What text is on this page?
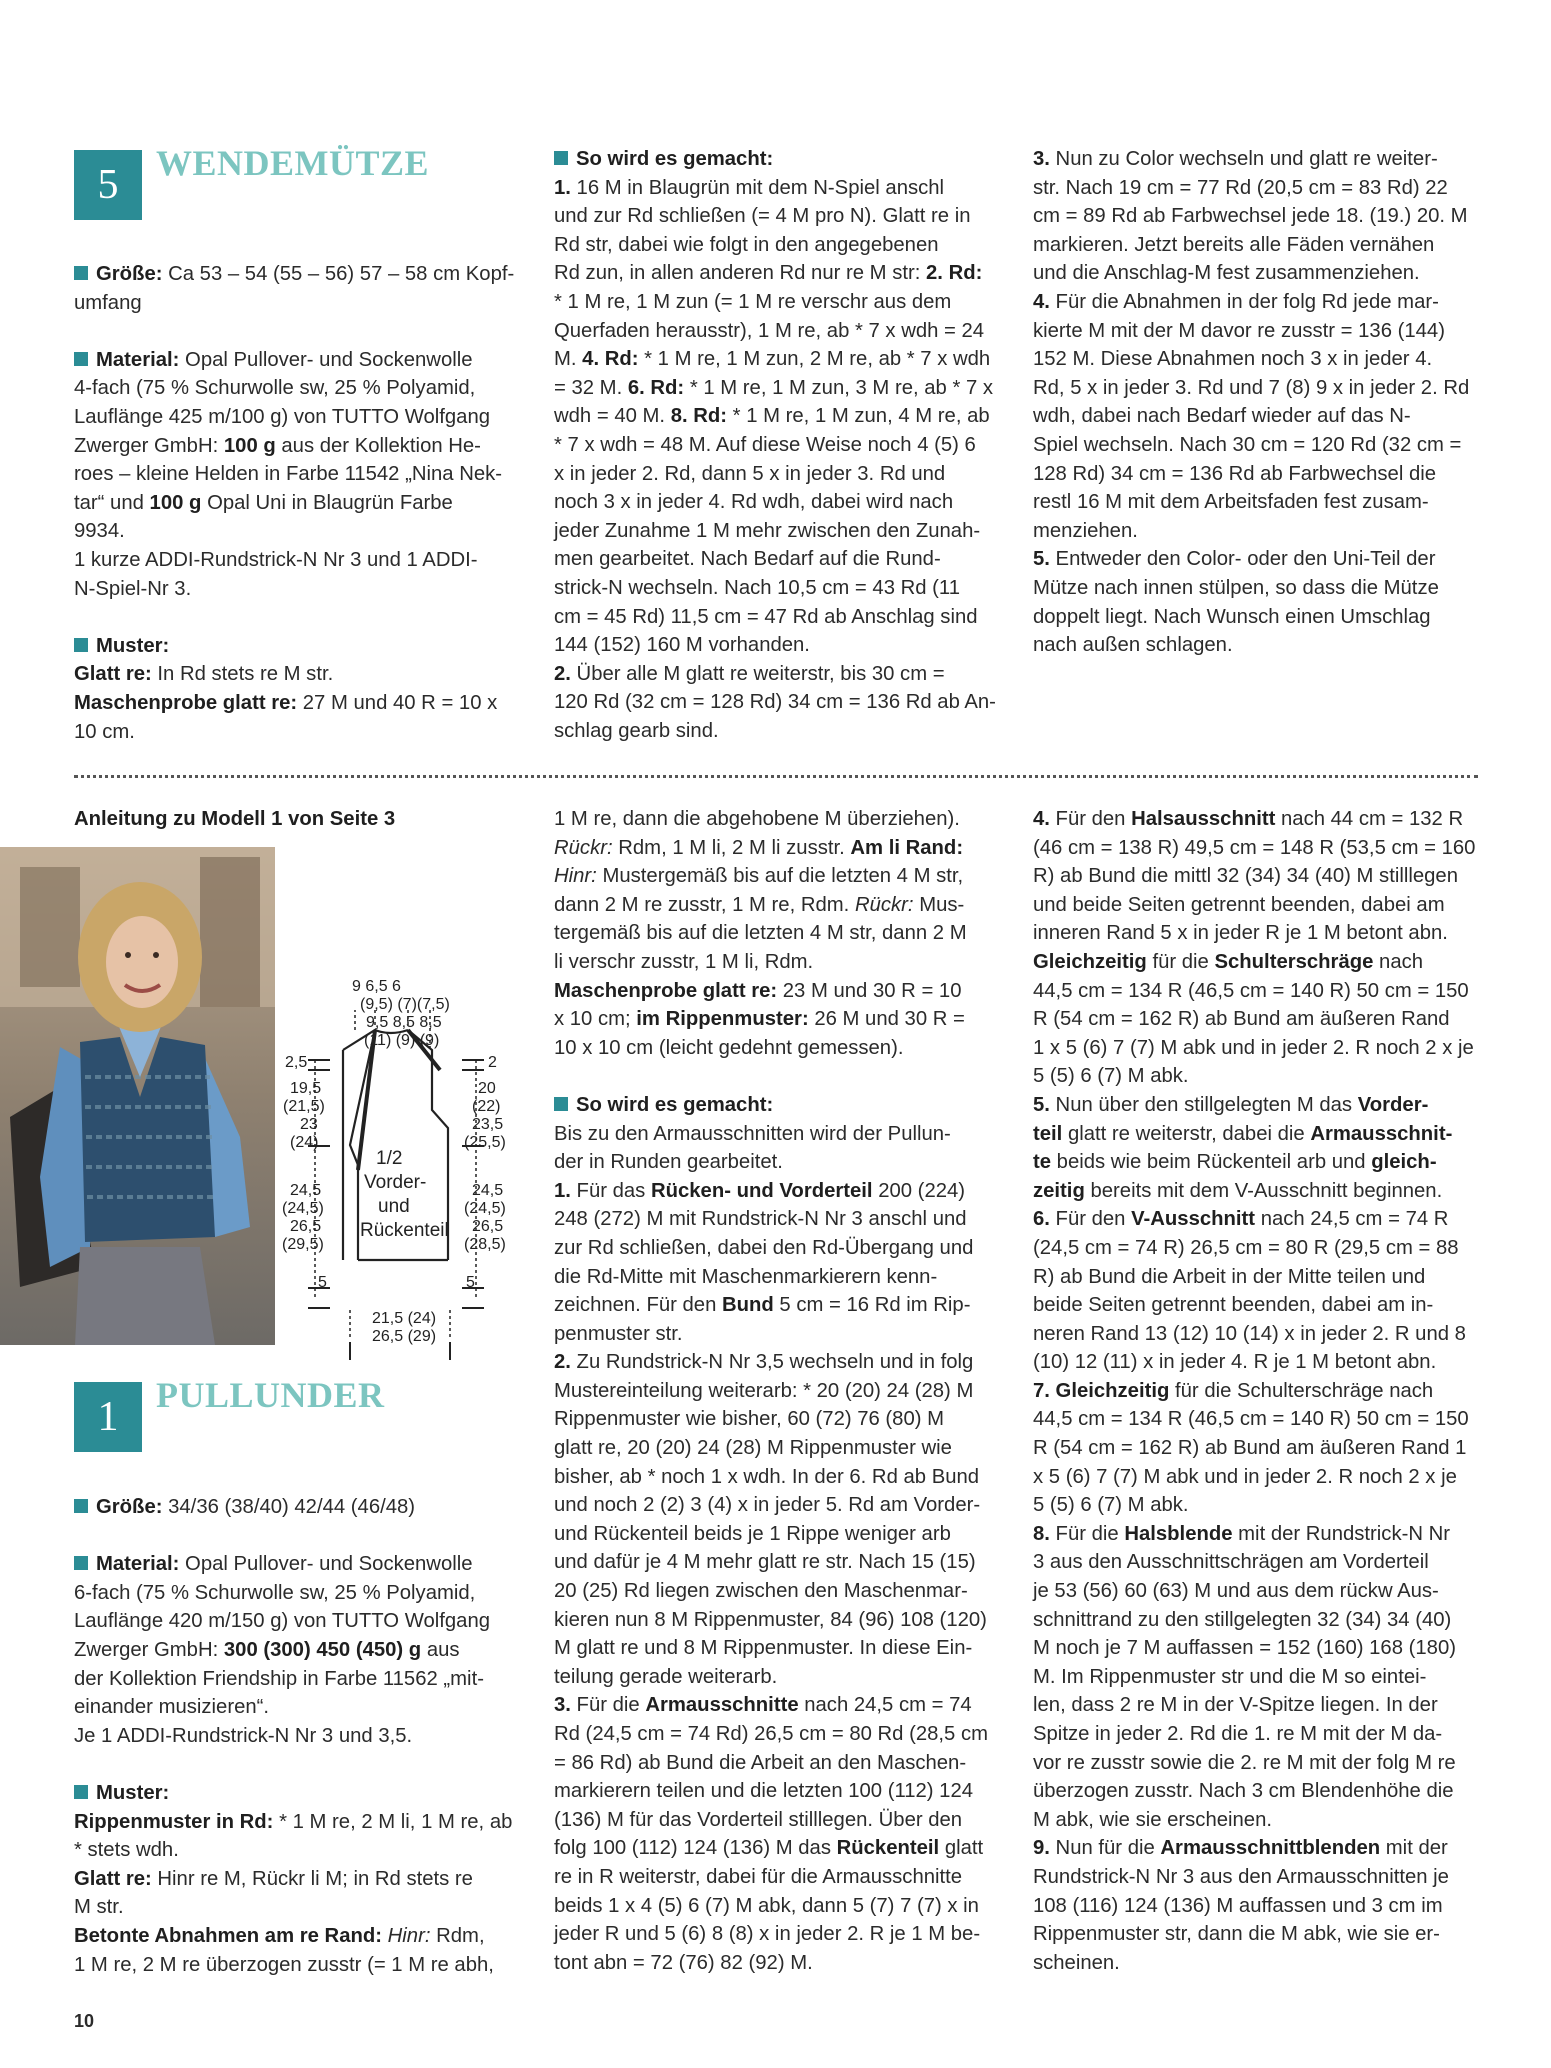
5	WENDEMÜTZE

Größe: Ca 53 – 54 (55 – 56) 57 – 58 cm Kopf-

umfang

Material: Opal Pullover- und Sockenwolle

4-fach (75 % Schurwolle sw, 25 % Polyamid,

Lauflänge 425 m/100 g) von TUTTO Wolfgang

Zwerger GmbH: 100 g aus der Kollektion He-

roes – kleine Helden in Farbe 11542 „Nina Nek-

tar“ und 100 g Opal Uni in Blaugrün Farbe

9934.

1 kurze ADDI-Rundstrick-N Nr 3 und 1 ADDI-

N-Spiel-Nr 3.

Muster:

Glatt re: In Rd stets re M str.

Maschenprobe glatt re: 27 M und 40 R = 10 x

10 cm.

So wird es gemacht:

1. 16 M in Blaugrün mit dem N-Spiel anschl

und zur Rd schließen (= 4 M pro N). Glatt re in

Rd str, dabei wie folgt in den angegebenen

Rd zun, in allen anderen Rd nur re M str: 2. Rd:

* 1 M re, 1 M zun (= 1 M re verschr aus dem

Querfaden herausstr), 1 M re, ab * 7 x wdh = 24

M. 4. Rd: * 1 M re, 1 M zun, 2 M re, ab * 7 x wdh

= 32 M. 6. Rd: * 1 M re, 1 M zun, 3 M re, ab * 7 x

wdh = 40 M. 8. Rd: * 1 M re, 1 M zun, 4 M re, ab

* 7 x wdh = 48 M. Auf diese Weise noch 4 (5) 6

x in jeder 2. Rd, dann 5 x in jeder 3. Rd und

noch 3 x in jeder 4. Rd wdh, dabei wird nach

jeder Zunahme 1 M mehr zwischen den Zunah-

men gearbeitet. Nach Bedarf auf die Rund-

strick-N wechseln. Nach 10,5 cm = 43 Rd (11

cm = 45 Rd) 11,5 cm = 47 Rd ab Anschlag sind

144 (152) 160 M vorhanden.

2. Über alle M glatt re weiterstr, bis 30 cm =

120 Rd (32 cm = 128 Rd) 34 cm = 136 Rd ab An-

schlag gearb sind.

3. Nun zu Color wechseln und glatt re weiter-

str. Nach 19 cm = 77 Rd (20,5 cm = 83 Rd) 22

cm = 89 Rd ab Farbwechsel jede 18. (19.) 20. M

markieren. Jetzt bereits alle Fäden vernähen

und die Anschlag-M fest zusammenziehen.

4. Für die Abnahmen in der folg Rd jede mar-

kierte M mit der M davor re zusstr = 136 (144)

152 M. Diese Abnahmen noch 3 x in jeder 4.

Rd, 5 x in jeder 3. Rd und 7 (8) 9 x in jeder 2. Rd

wdh, dabei nach Bedarf wieder auf das N-

Spiel wechseln. Nach 30 cm = 120 Rd (32 cm =

128 Rd) 34 cm = 136 Rd ab Farbwechsel die

restl 16 M mit dem Arbeitsfaden fest zusam-

menziehen.

5. Entweder den Color- oder den Uni-Teil der

Mütze nach innen stülpen, so dass die Mütze

doppelt liegt. Nach Wunsch einen Umschlag

nach außen schlagen.

Anleitung zu Modell 1 von Seite 3

9 6,5 6
(9,5) (7)(7,5)
9,5 8,5 8,5
(11) (9) (9)
2,5
19,5
(21,5)
23
(24)
24,5
(24,5)
26,5
(29,5)
5
2
20
(22)
23,5
(25,5)
24,5
(24,5)
26,5
(28,5)
5
1/2
Vorder-
und
Rückenteil
21,5 (24)
26,5 (29)
1	PULLUNDER

Größe: 34/36 (38/40) 42/44 (46/48)

Material: Opal Pullover- und Sockenwolle

6-fach (75 % Schurwolle sw, 25 % Polyamid,

Lauflänge 420 m/150 g) von TUTTO Wolfgang

Zwerger GmbH: 300 (300) 450 (450) g aus

der Kollektion Friendship in Farbe 11562 „mit-

einander musizieren“.

Je 1 ADDI-Rundstrick-N Nr 3 und 3,5.

Muster:

Rippenmuster in Rd: * 1 M re, 2 M li, 1 M re, ab

* stets wdh.

Glatt re: Hinr re M, Rückr li M; in Rd stets re

M str.

Betonte Abnahmen am re Rand: Hinr: Rdm,

1 M re, 2 M re überzogen zusstr (= 1 M re abh,

1 M re, dann die abgehobene M überziehen).

Rückr: Rdm, 1 M li, 2 M li zusstr. Am li Rand:

Hinr: Mustergemäß bis auf die letzten 4 M str,

dann 2 M re zusstr, 1 M re, Rdm. Rückr: Mus-

tergemäß bis auf die letzten 4 M str, dann 2 M

li verschr zusstr, 1 M li, Rdm.

Maschenprobe glatt re: 23 M und 30 R = 10

x 10 cm; im Rippenmuster: 26 M und 30 R =

10 x 10 cm (leicht gedehnt gemessen).

So wird es gemacht:

Bis zu den Armausschnitten wird der Pullun-

der in Runden gearbeitet.

1. Für das Rücken- und Vorderteil 200 (224)

248 (272) M mit Rundstrick-N Nr 3 anschl und

zur Rd schließen, dabei den Rd-Übergang und

die Rd-Mitte mit Maschenmarkierern kenn-

zeichnen. Für den Bund 5 cm = 16 Rd im Rip-

penmuster str.

2. Zu Rundstrick-N Nr 3,5 wechseln und in folg

Mustereinteilung weiterarb: * 20 (20) 24 (28) M

Rippenmuster wie bisher, 60 (72) 76 (80) M

glatt re, 20 (20) 24 (28) M Rippenmuster wie

bisher, ab * noch 1 x wdh. In der 6. Rd ab Bund

und noch 2 (2) 3 (4) x in jeder 5. Rd am Vorder-

und Rückenteil beids je 1 Rippe weniger arb

und dafür je 4 M mehr glatt re str. Nach 15 (15)

20 (25) Rd liegen zwischen den Maschenmar-

kieren nun 8 M Rippenmuster, 84 (96) 108 (120)

M glatt re und 8 M Rippenmuster. In diese Ein-

teilung gerade weiterarb.

3. Für die Armausschnitte nach 24,5 cm = 74

Rd (24,5 cm = 74 Rd) 26,5 cm = 80 Rd (28,5 cm

= 86 Rd) ab Bund die Arbeit an den Maschen-

markierern teilen und die letzten 100 (112) 124

(136) M für das Vorderteil stilllegen. Über den

folg 100 (112) 124 (136) M das Rückenteil glatt

re in R weiterstr, dabei für die Armausschnitte

beids 1 x 4 (5) 6 (7) M abk, dann 5 (7) 7 (7) x in

jeder R und 5 (6) 8 (8) x in jeder 2. R je 1 M be-

tont abn = 72 (76) 82 (92) M.

4. Für den Halsausschnitt nach 44 cm = 132 R

(46 cm = 138 R) 49,5 cm = 148 R (53,5 cm = 160

R) ab Bund die mittl 32 (34) 34 (40) M stilllegen

und beide Seiten getrennt beenden, dabei am

inneren Rand 5 x in jeder R je 1 M betont abn.

Gleichzeitig für die Schulterschräge nach

44,5 cm = 134 R (46,5 cm = 140 R) 50 cm = 150

R (54 cm = 162 R) ab Bund am äußeren Rand

1 x 5 (6) 7 (7) M abk und in jeder 2. R noch 2 x je

5 (5) 6 (7) M abk.

5. Nun über den stillgelegten M das Vorder-

teil glatt re weiterstr, dabei die Armausschnit-

te beids wie beim Rückenteil arb und gleich-

zeitig bereits mit dem V-Ausschnitt beginnen.

6. Für den V-Ausschnitt nach 24,5 cm = 74 R

(24,5 cm = 74 R) 26,5 cm = 80 R (29,5 cm = 88

R) ab Bund die Arbeit in der Mitte teilen und

beide Seiten getrennt beenden, dabei am in-

neren Rand 13 (12) 10 (14) x in jeder 2. R und 8

(10) 12 (11) x in jeder 4. R je 1 M betont abn.

7. Gleichzeitig für die Schulterschräge nach

44,5 cm = 134 R (46,5 cm = 140 R) 50 cm = 150

R (54 cm = 162 R) ab Bund am äußeren Rand 1

x 5 (6) 7 (7) M abk und in jeder 2. R noch 2 x je

5 (5) 6 (7) M abk.

8. Für die Halsblende mit der Rundstrick-N Nr

3 aus den Ausschnittschrägen am Vorderteil

je 53 (56) 60 (63) M und aus dem rückw Aus-

schnittrand zu den stillgelegten 32 (34) 34 (40)

M noch je 7 M auffassen = 152 (160) 168 (180)

M. Im Rippenmuster str und die M so eintei-

len, dass 2 re M in der V-Spitze liegen. In der

Spitze in jeder 2. Rd die 1. re M mit der M da-

vor re zusstr sowie die 2. re M mit der folg M re

überzogen zusstr. Nach 3 cm Blendenhöhe die

M abk, wie sie erscheinen.

9. Nun für die Armausschnittblenden mit der

Rundstrick-N Nr 3 aus den Armausschnitten je

108 (116) 124 (136) M auffassen und 3 cm im

Rippenmuster str, dann die M abk, wie sie er-

scheinen.

10
